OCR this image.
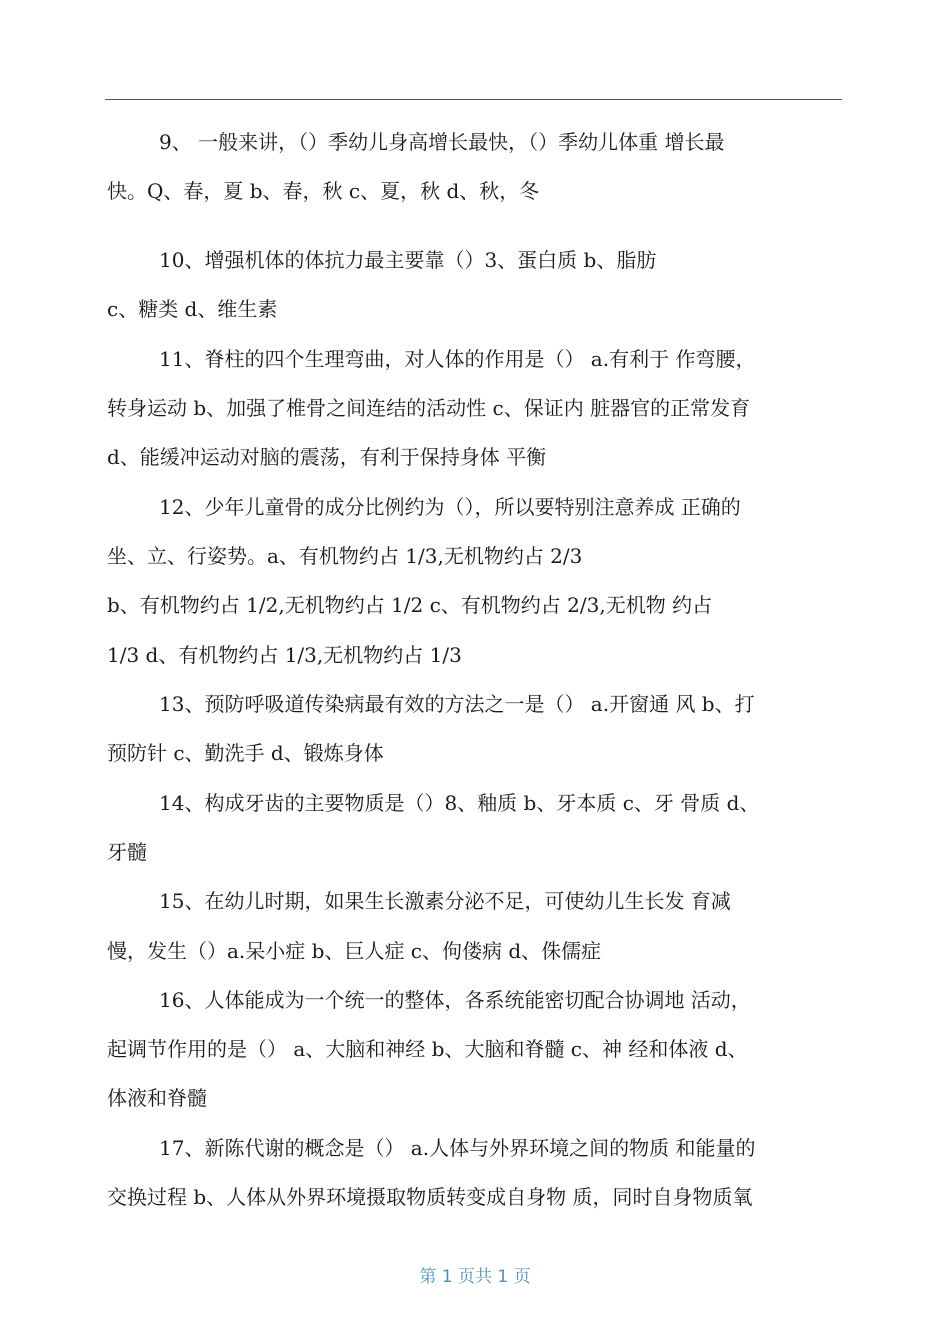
9、 一般来讲，（）季幼儿身高增长最快，（）季幼儿体重 增长最
快。Q、春，夏 b、春，秋 c、夏，秋 d、秋，冬
10、增强机体的体抗力最主要靠（）3、蛋白质 b、脂肪
c、糖类 d、维生素
11、脊柱的四个生理弯曲，对人体的作用是（） a.有利于 作弯腰，
转身运动 b、加强了椎骨之间连结的活动性 c、保证内 脏器官的正常发育
d、能缓冲运动对脑的震荡，有利于保持身体 平衡
12、少年儿童骨的成分比例约为（），所以要特别注意养成 正确的
坐、立、行姿势。a、有机物约占 1/3,无机物约占 2/3
b、有机物约占 1/2,无机物约占 1/2 c、有机物约占 2/3,无机物 约占
1/3 d、有机物约占 1/3,无机物约占 1/3
13、预防呼吸道传染病最有效的方法之一是（） a.开窗通 风 b、打
预防针 c、勤洗手 d、锻炼身体
14、构成牙齿的主要物质是（）8、釉质 b、牙本质 c、牙 骨质 d、
牙髓
15、在幼儿时期，如果生长激素分泌不足，可使幼儿生长发 育减
慢，发生（）a.呆小症 b、巨人症 c、佝偻病 d、侏儒症
16、人体能成为一个统一的整体，各系统能密切配合协调地 活动，
起调节作用的是（） a、大脑和神经 b、大脑和脊髓 c、神 经和体液 d、
体液和脊髓
17、新陈代谢的概念是（） a.人体与外界环境之间的物质 和能量的
交换过程 b、人体从外界环境摄取物质转变成自身物 质，同时自身物质氧
第 1 页共 1 页
